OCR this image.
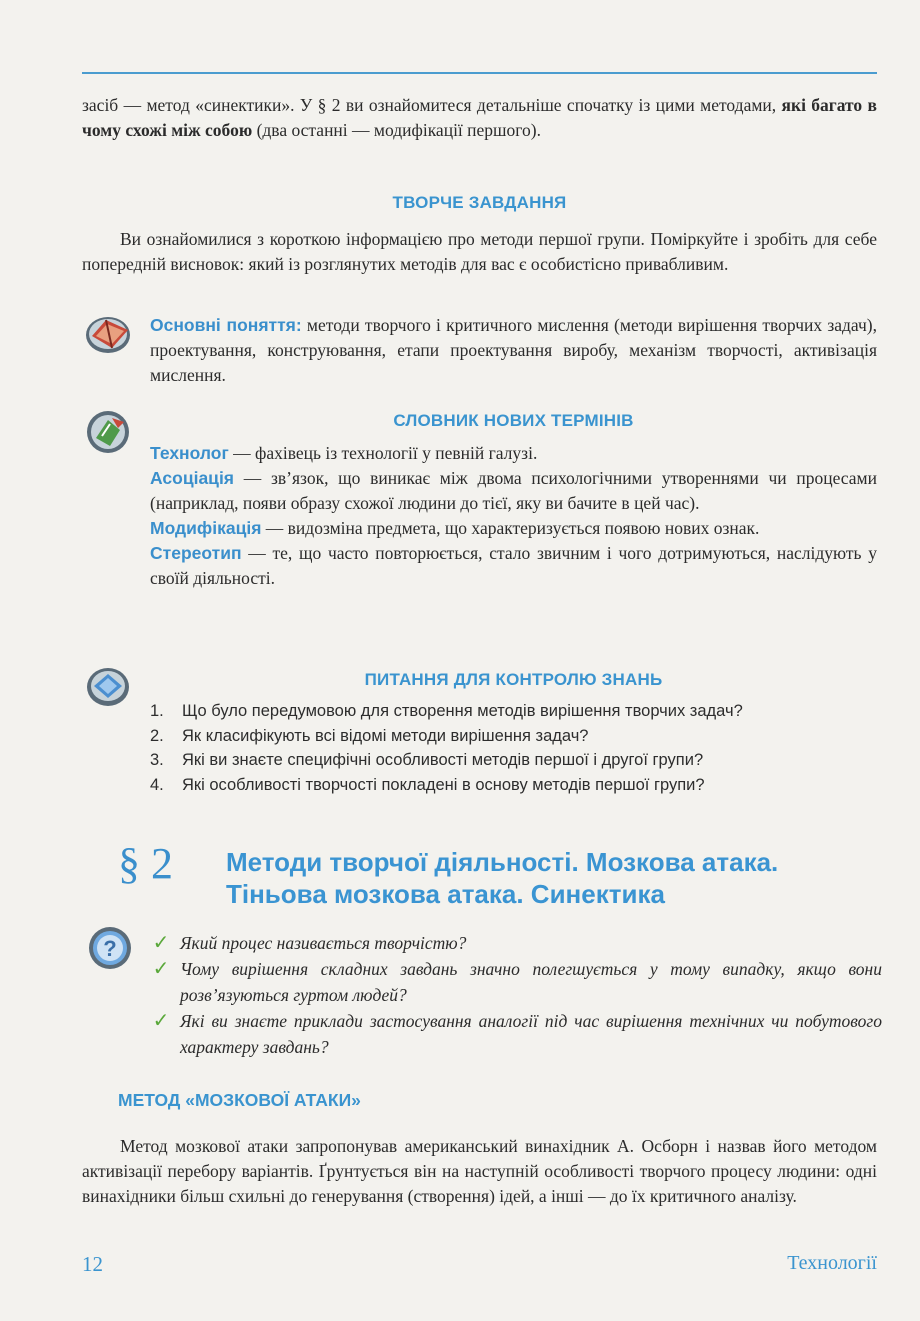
засіб — метод «синектики». У § 2 ви ознайомитеся детальніше спочатку із цими методами, які багато в чому схожі між собою (два останні — модифікації першого).

ТВОРЧЕ ЗАВДАННЯ

Ви ознайомилися з короткою інформацією про методи першої групи. Поміркуйте і зробіть для себе попередній висновок: який із розглянутих методів для вас є особистісно привабливим.

Основні поняття: методи творчого і критичного мислення (методи вирішення творчих задач), проектування, конструювання, етапи проектування виробу, механізм творчості, активізація мислення.

СЛОВНИК НОВИХ ТЕРМІНІВ

Технолог — фахівець із технології у певній галузі.

Асоціація — зв’язок, що виникає між двома психологічними утвореннями чи процесами (наприклад, появи образу схожої людини до тієї, яку ви бачите в цей час).

Модифікація — видозміна предмета, що характеризується появою нових ознак.

Стереотип — те, що часто повторюється, стало звичним і чого дотримуються, наслідують у своїй діяльності.

ПИТАННЯ ДЛЯ КОНТРОЛЮ ЗНАНЬ
1.	Що було передумовою для створення методів вирішення творчих задач?
2.	Як класифікують всі відомі методи вирішення задач?
3.	Які ви знаєте специфічні особливості методів першої і другої групи?
4.	Які особливості творчості покладені в основу методів першої групи?
§ 2 Методи творчої діяльності. Мозкова атака. Тіньова мозкова атака. Синектика
?	✓ Який процес називається творчістю?
✓ Чому вирішення складних завдань значно полегшується у тому випадку, якщо вони розв’язуються гуртом людей?
✓ Які ви знаєте приклади застосування аналогії під час вирішення технічних чи побутового характеру завдань?
МЕТОД «МОЗКОВОЇ АТАКИ»

Метод мозкової атаки запропонував американський винахідник А. Осборн і назвав його методом активізації перебору варіантів. Ґрунтується він на наступній особливості творчого процесу людини: одні винахідники більш схильні до генерування (створення) ідей, а інші — до їх критичного аналізу.

12	Технології
